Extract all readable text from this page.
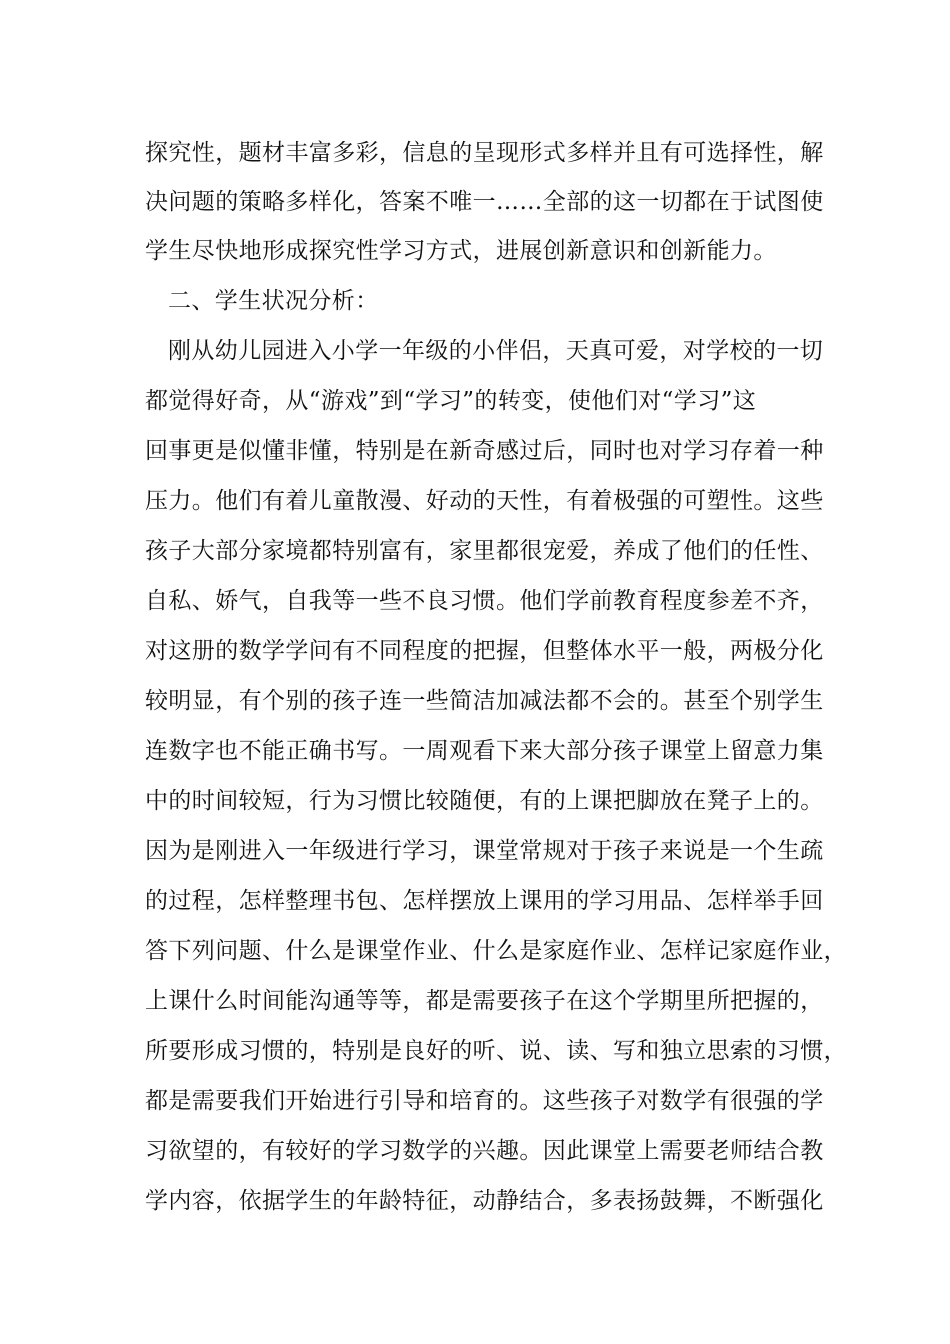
探究性，题材丰富多彩，信息的呈现形式多样并且有可选择性，解
决问题的策略多样化，答案不唯一……全部的这一切都在于试图使
学生尽快地形成探究性学习方式，进展创新意识和创新能力。
二、学生状况分析：
刚从幼儿园进入小学一年级的小伴侣，天真可爱，对学校的一切
都觉得好奇，从“游戏”到“学习”的转变，使他们对“学习”这
回事更是似懂非懂，特别是在新奇感过后，同时也对学习存着一种
压力。他们有着儿童散漫、好动的天性，有着极强的可塑性。这些
孩子大部分家境都特别富有，家里都很宠爱，养成了他们的任性、
自私、娇气，自我等一些不良习惯。他们学前教育程度参差不齐，
对这册的数学学问有不同程度的把握，但整体水平一般，两极分化
较明显，有个别的孩子连一些简洁加减法都不会的。甚至个别学生
连数字也不能正确书写。一周观看下来大部分孩子课堂上留意力集
中的时间较短，行为习惯比较随便，有的上课把脚放在凳子上的。
因为是刚进入一年级进行学习，课堂常规对于孩子来说是一个生疏
的过程，怎样整理书包、怎样摆放上课用的学习用品、怎样举手回
答下列问题、什么是课堂作业、什么是家庭作业、怎样记家庭作业，
上课什么时间能沟通等等，都是需要孩子在这个学期里所把握的，
所要形成习惯的，特别是良好的听、说、读、写和独立思索的习惯，
都是需要我们开始进行引导和培育的。这些孩子对数学有很强的学
习欲望的，有较好的学习数学的兴趣。因此课堂上需要老师结合教
学内容，依据学生的年龄特征，动静结合，多表扬鼓舞，不断强化
